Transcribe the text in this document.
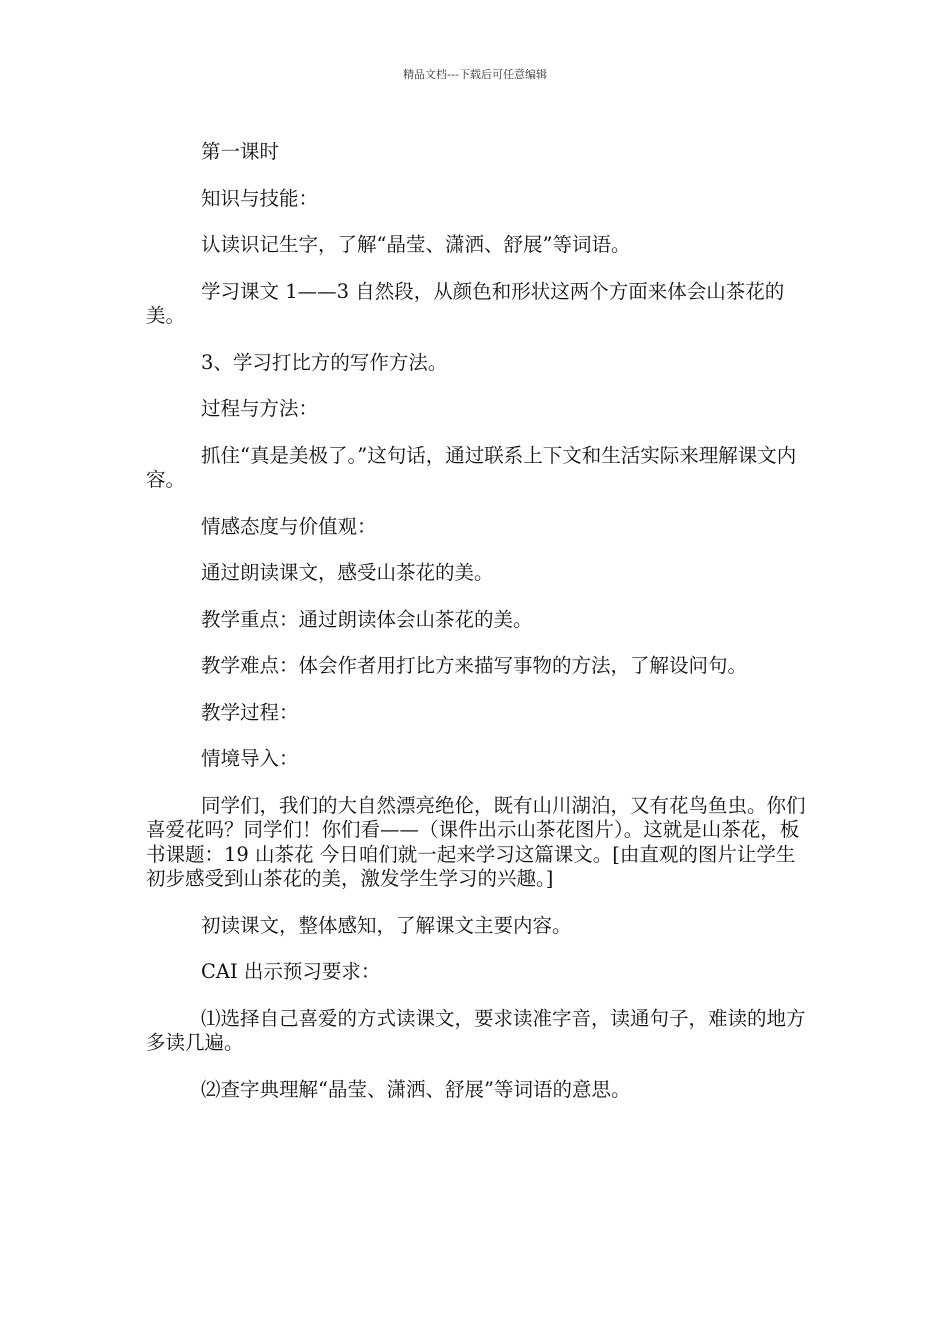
精品文档---下载后可任意编辑

第一课时

知识与技能：

认读识记生字，了解“晶莹、潇洒、舒展”等词语。

学习课文 1——3 自然段，从颜色和形状这两个方面来体会山茶花的美。

3、学习打比方的写作方法。

过程与方法：

抓住“真是美极了。”这句话，通过联系上下文和生活实际来理解课文内容。

情感态度与价值观：

通过朗读课文，感受山茶花的美。

教学重点：通过朗读体会山茶花的美。

教学难点：体会作者用打比方来描写事物的方法，了解设问句。

教学过程：

情境导入：

同学们，我们的大自然漂亮绝伦，既有山川湖泊，又有花鸟鱼虫。你们喜爱花吗？同学们！你们看——（课件出示山茶花图片）。这就是山茶花，板书课题：19 山茶花 今日咱们就一起来学习这篇课文。[由直观的图片让学生初步感受到山茶花的美，激发学生学习的兴趣。]

初读课文，整体感知，了解课文主要内容。

CAI 出示预习要求：

⑴选择自己喜爱的方式读课文，要求读准字音，读通句子，难读的地方多读几遍。

⑵查字典理解“晶莹、潇洒、舒展”等词语的意思。
